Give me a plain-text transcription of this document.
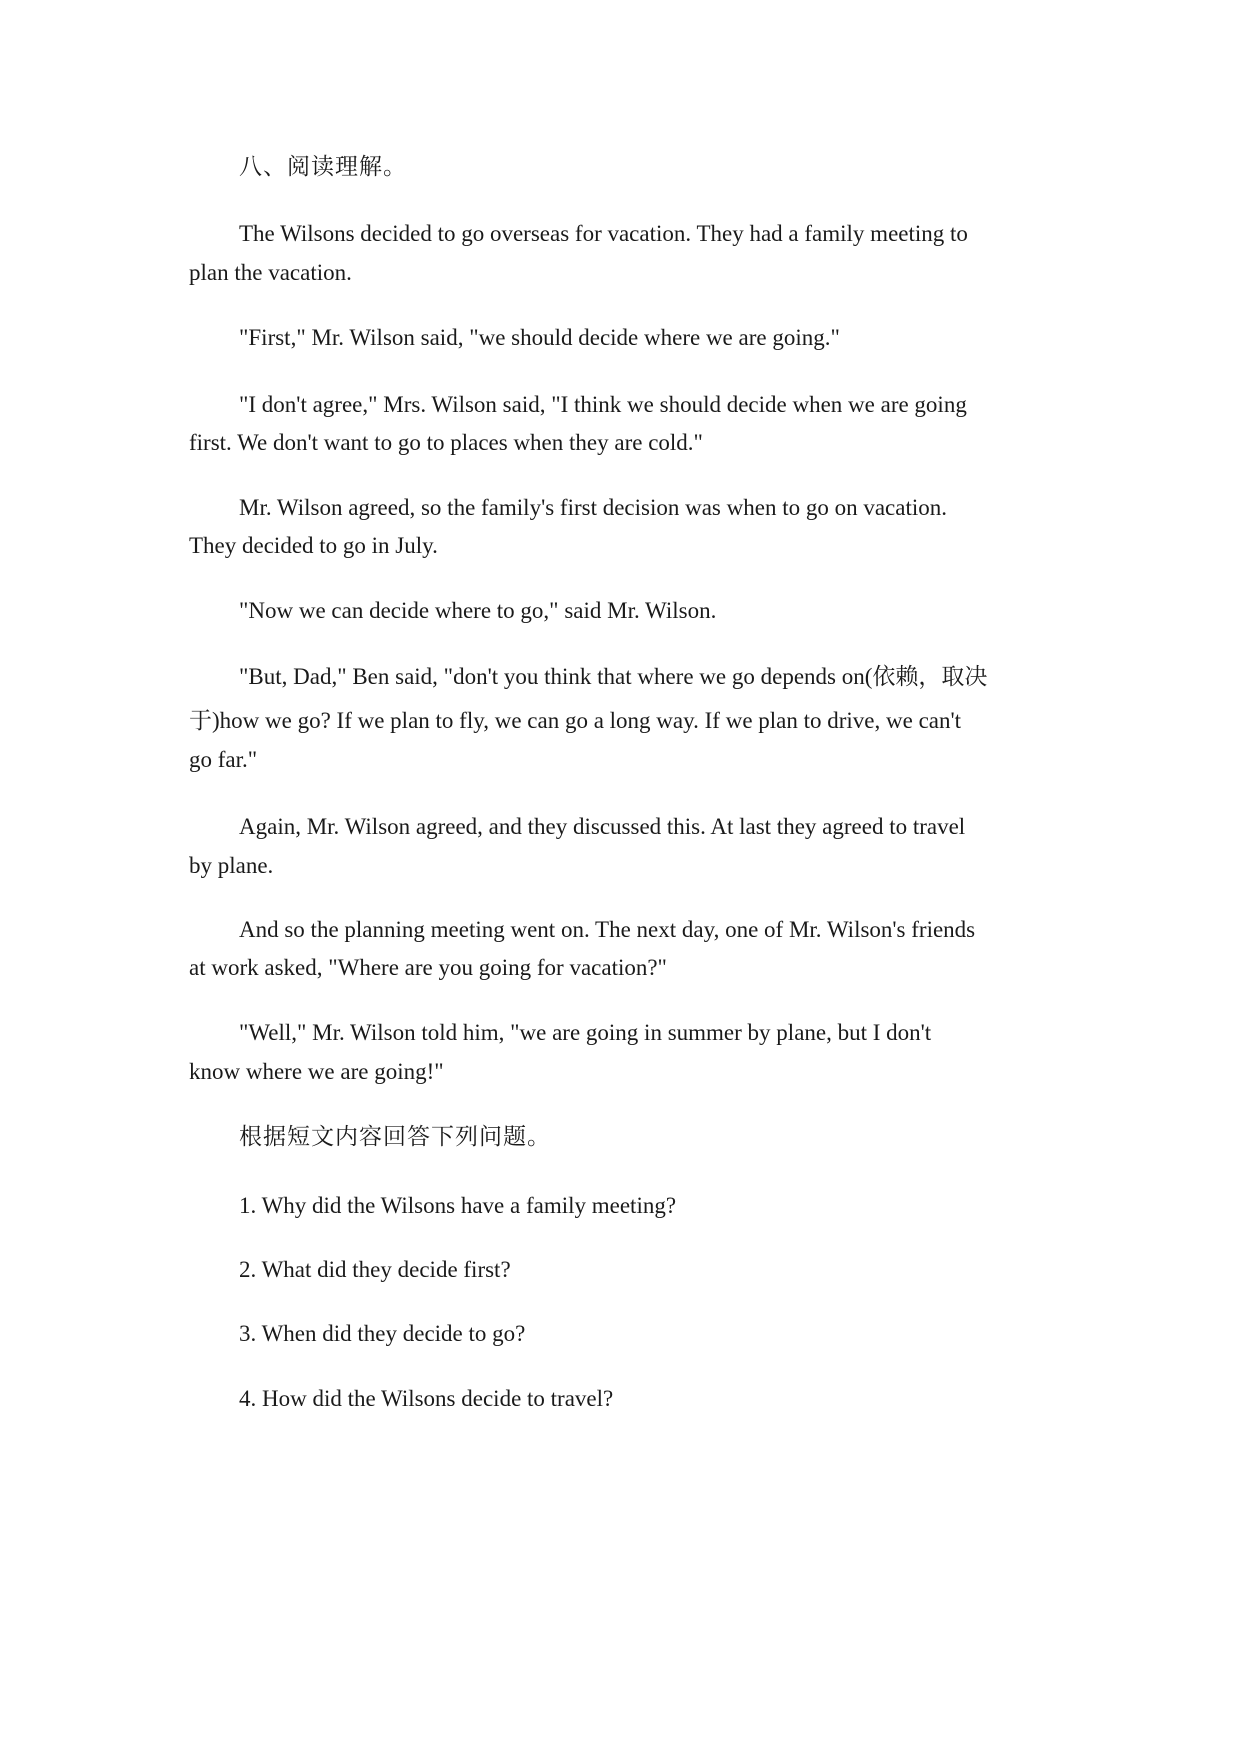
八、阅读理解。
The Wilsons decided to go overseas for vacation. They had a family meeting to
plan the vacation.
"First," Mr. Wilson said, "we should decide where we are going."
"I don't agree," Mrs. Wilson said, "I think we should decide when we are going
first. We don't want to go to places when they are cold."
Mr. Wilson agreed, so the family's first decision was when to go on vacation.
They decided to go in July.
"Now we can decide where to go," said Mr. Wilson.
"But, Dad," Ben said, "don't you think that where we go depends on(依赖，取决
于)how we go? If we plan to fly, we can go a long way. If we plan to drive, we can't
go far."
Again, Mr. Wilson agreed, and they discussed this. At last they agreed to travel
by plane.
And so the planning meeting went on. The next day, one of Mr. Wilson's friends
at work asked, "Where are you going for vacation?"
"Well," Mr. Wilson told him, "we are going in summer by plane, but I don't
know where we are going!"
根据短文内容回答下列问题。
1. Why did the Wilsons have a family meeting?
2. What did they decide first?
3. When did they decide to go?
4. How did the Wilsons decide to travel?
